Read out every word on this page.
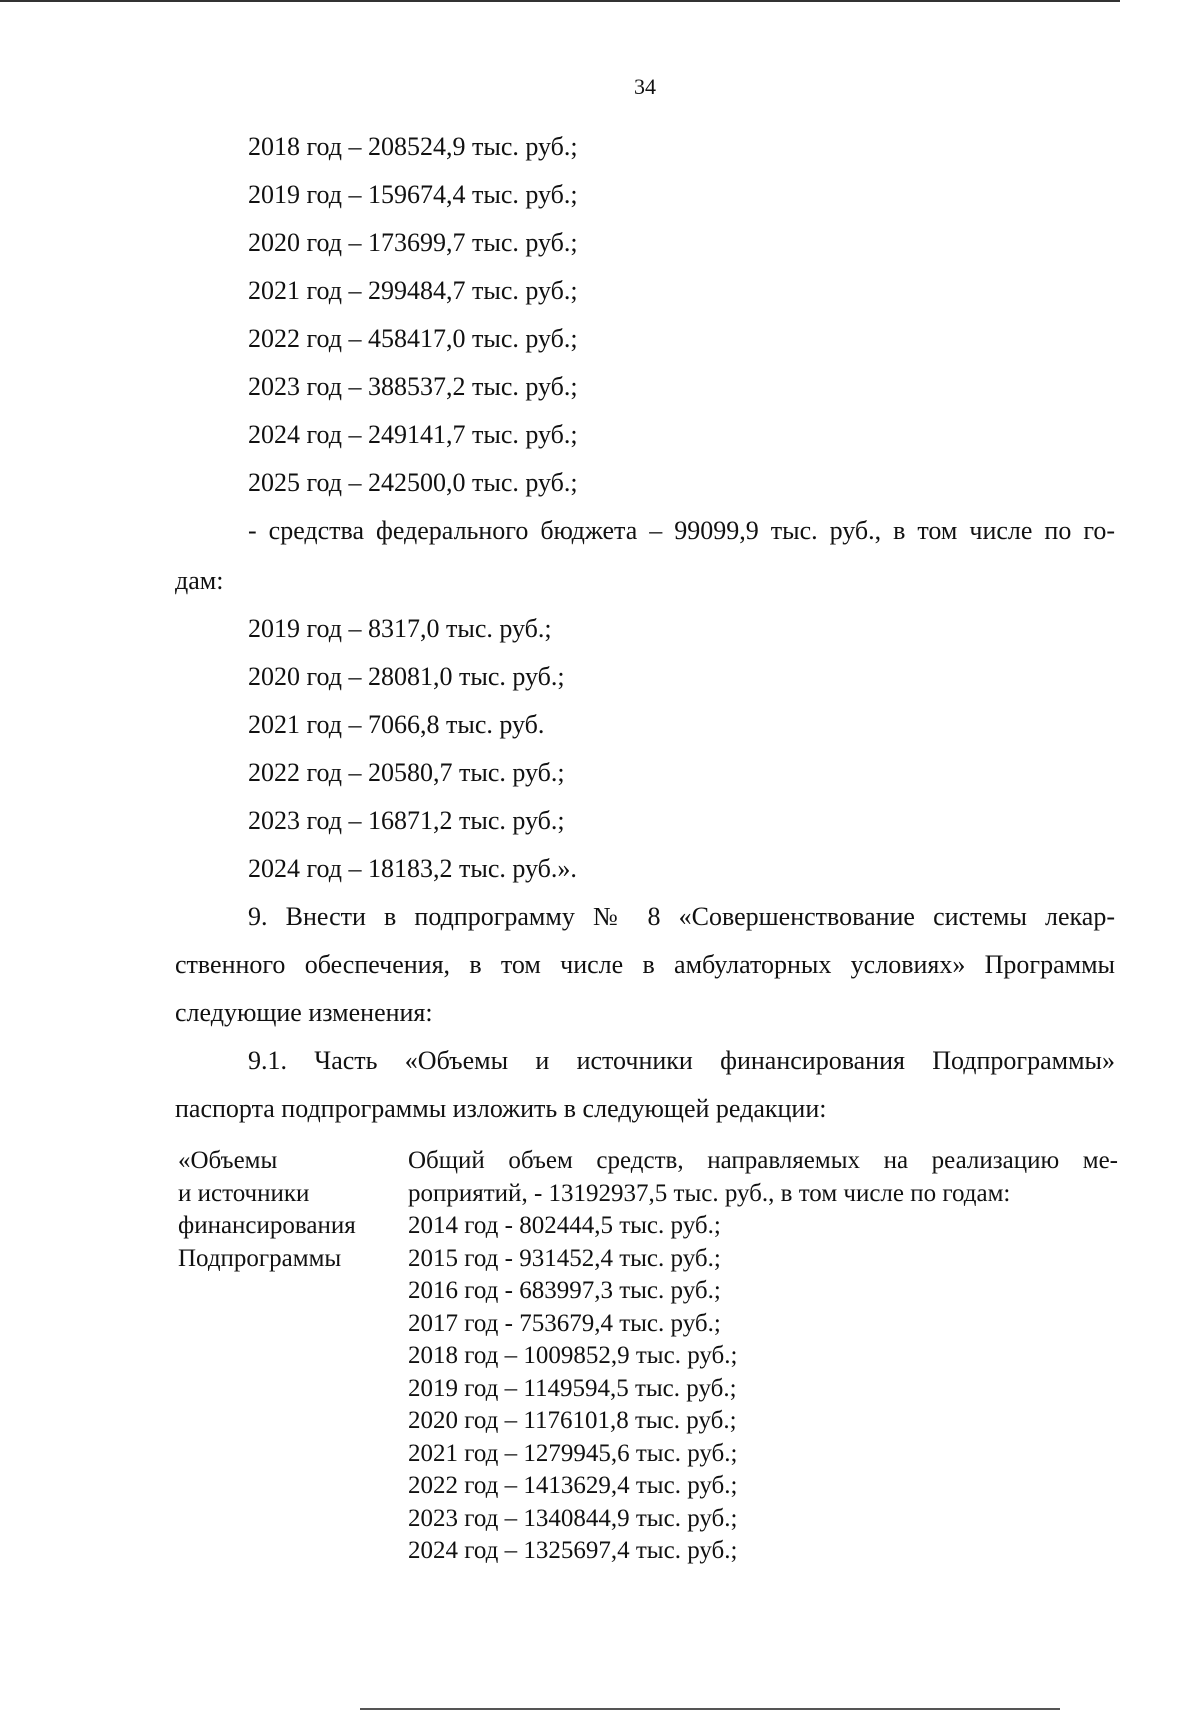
34
2018 год – 208524,9 тыс. руб.;
2019 год – 159674,4 тыс. руб.;
2020 год – 173699,7 тыс. руб.;
2021 год – 299484,7 тыс. руб.;
2022 год – 458417,0 тыс. руб.;
2023 год – 388537,2 тыс. руб.;
2024 год – 249141,7 тыс. руб.;
2025 год – 242500,0 тыс. руб.;
- средства федерального бюджета – 99099,9 тыс. руб., в том числе по го-
дам:
2019 год – 8317,0 тыс. руб.;
2020 год – 28081,0 тыс. руб.;
2021 год – 7066,8 тыс. руб.
2022 год – 20580,7 тыс. руб.;
2023 год – 16871,2 тыс. руб.;
2024 год – 18183,2 тыс. руб.».
9. Внести в подпрограмму № 8 «Совершенствование системы лекар-
ственного обеспечения, в том числе в амбулаторных условиях» Программы
следующие изменения:
9.1. Часть «Объемы и источники финансирования Подпрограммы»
паспорта подпрограммы изложить в следующей редакции:
«Объемы
и источники
финансирования
Подпрограммы
Общий объем средств, направляемых на реализацию ме-
роприятий, - 13192937,5 тыс. руб., в том числе по годам:
2014 год - 802444,5 тыс. руб.;
2015 год - 931452,4 тыс. руб.;
2016 год - 683997,3 тыс. руб.;
2017 год - 753679,4 тыс. руб.;
2018 год – 1009852,9 тыс. руб.;
2019 год – 1149594,5 тыс. руб.;
2020 год – 1176101,8 тыс. руб.;
2021 год – 1279945,6 тыс. руб.;
2022 год – 1413629,4 тыс. руб.;
2023 год – 1340844,9 тыс. руб.;
2024 год – 1325697,4 тыс. руб.;
